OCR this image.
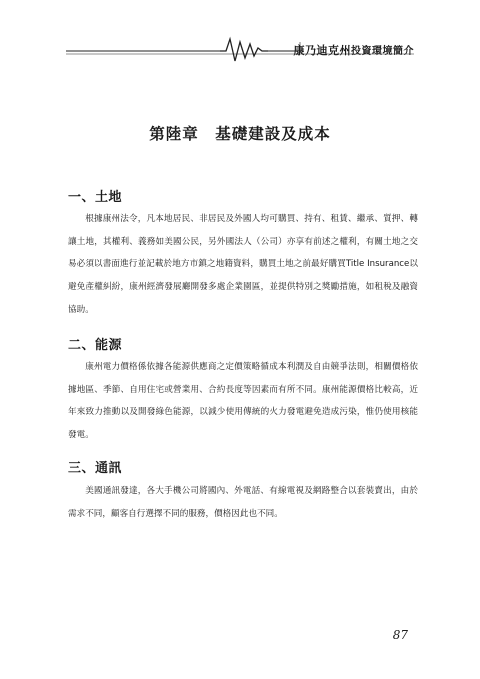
康乃迪克州投資環境簡介
第陸章　基礎建設及成本
一、土地

根據康州法令，凡本地居民、非居民及外國人均可購買、持有、租賃、繼承、質押、轉讓土地，其權利、義務如美國公民，另外國法人（公司）亦享有前述之權利，有關土地之交易必須以書面進行並記載於地方市鎮之地籍資料，購買土地之前最好購買Title Insurance以避免產權糾紛，康州經濟發展廳開發多處企業園區，並提供特別之獎勵措施，如租稅及融資協助。

二、能源

康州電力價格係依據各能源供應商之定價策略循成本利潤及自由競爭法則，相關價格依據地區、季節、自用住宅或營業用、合約長度等因素而有所不同。康州能源價格比較高，近年來致力推動以及開發綠色能源，以減少使用傳統的火力發電避免造成污染，惟仍使用核能發電。

三、通訊

美國通訊發達，各大手機公司將國內、外電話、有線電視及網路整合以套裝賣出，由於需求不同，顧客自行選擇不同的服務，價格因此也不同。

87
